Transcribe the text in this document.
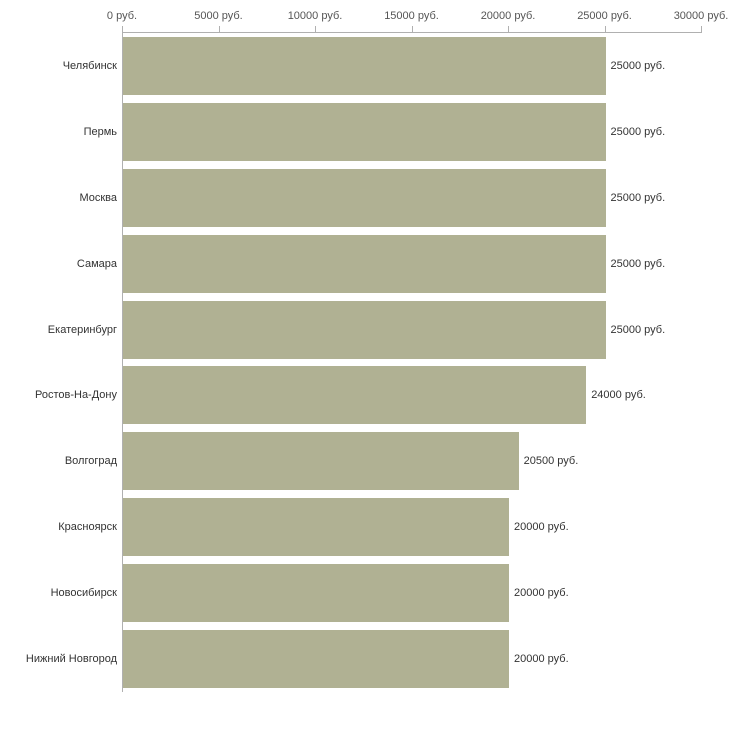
0 руб.	5000 руб.	10000 руб.	15000 руб.	20000 руб.	25000 руб.	30000 руб.
Челябинск	25000 руб.
Пермь	25000 руб.
Москва	25000 руб.
Самара	25000 руб.
Екатеринбург	25000 руб.
Ростов-На-Дону	24000 руб.
Волгоград	20500 руб.
Красноярск	20000 руб.
Новосибирск	20000 руб.
Нижний Новгород	20000 руб.
